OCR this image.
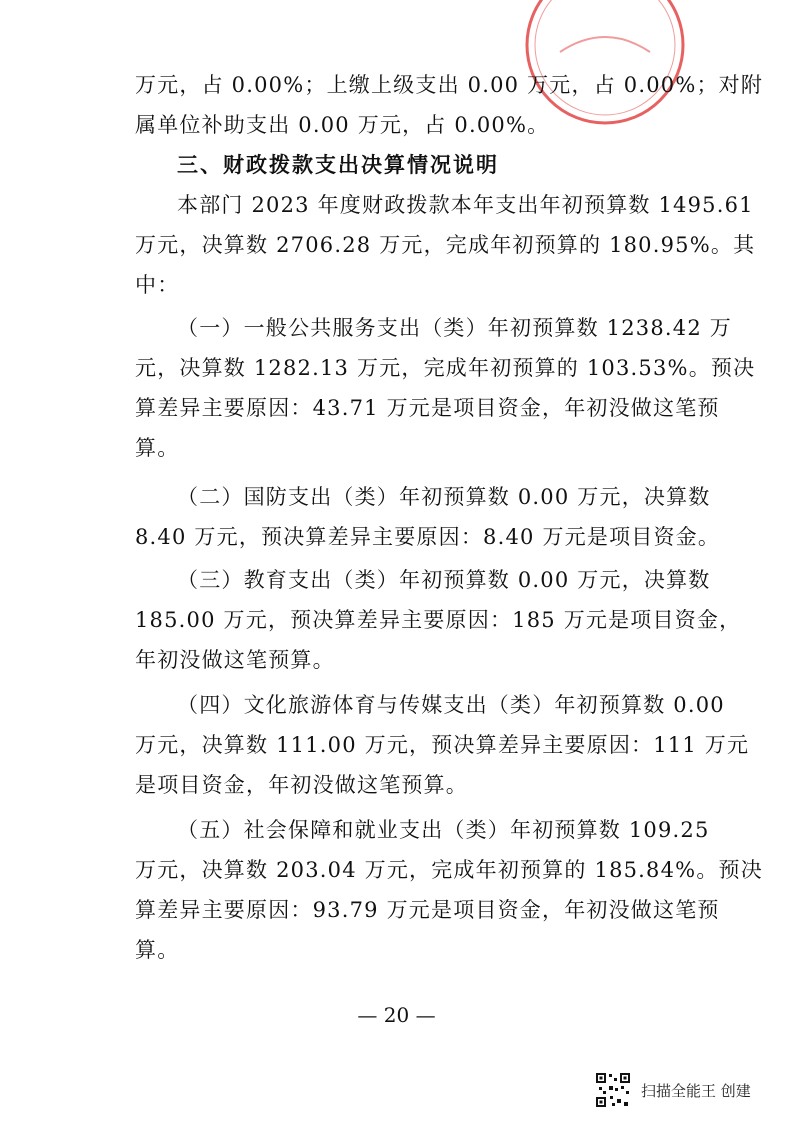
万元，占 0.00%；上缴上级支出 0.00 万元，占 0.00%；对附
属单位补助支出 0.00 万元，占 0.00%。
三、财政拨款支出决算情况说明
本部门 2023 年度财政拨款本年支出年初预算数 1495.61
万元，决算数 2706.28 万元，完成年初预算的 180.95%。其
中：
（一）一般公共服务支出（类）年初预算数 1238.42 万
元，决算数 1282.13 万元，完成年初预算的 103.53%。预决
算差异主要原因：43.71 万元是项目资金，年初没做这笔预
算。
（二）国防支出（类）年初预算数 0.00 万元，决算数
8.40 万元，预决算差异主要原因：8.40 万元是项目资金。
（三）教育支出（类）年初预算数 0.00 万元，决算数
185.00 万元，预决算差异主要原因：185 万元是项目资金，
年初没做这笔预算。
（四）文化旅游体育与传媒支出（类）年初预算数 0.00
万元，决算数 111.00 万元，预决算差异主要原因：111 万元
是项目资金，年初没做这笔预算。
（五）社会保障和就业支出（类）年初预算数 109.25
万元，决算数 203.04 万元，完成年初预算的 185.84%。预决
算差异主要原因：93.79 万元是项目资金，年初没做这笔预
算。
— 20 —
扫描全能王 创建
